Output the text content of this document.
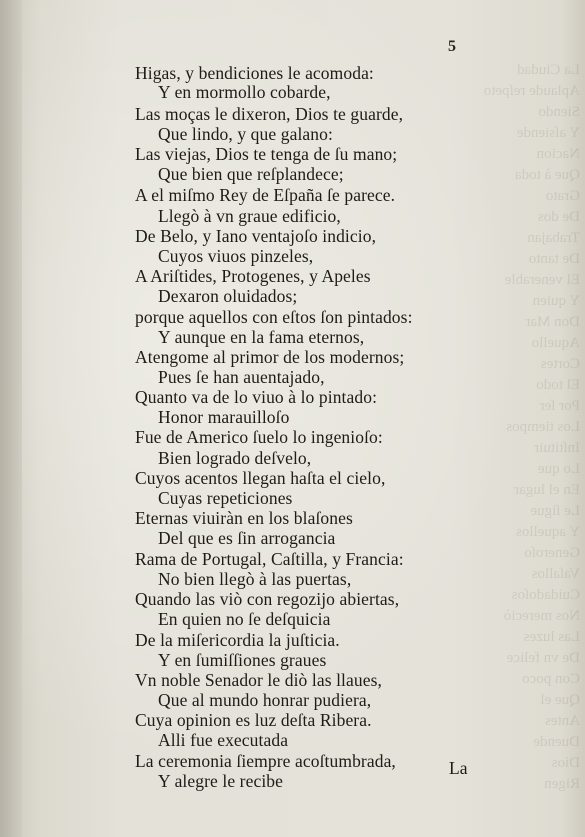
La Ciudad
Aplaude reſpeto
Siendo
Y aſsiende
Nacion
Que à toda
Grato
De dos
Trabajan
De tanto
El venerable
Y quien
Don Mar
Aquello
Cortes
El todo
Por ſer
Los tiempos
Inſtituir
Lo que
En el lugar
Le ſigue
Y aquellos
Generoſo
Vaſallos
Cuidadoſos
Nos mereciò
Las luzes
De vn felice
Con poco
Que el
Antes
Duende
Dios
Rigen
5
Higas, y bendiciones le acomoda:
Y en mormollo cobarde,
Las moças le dixeron, Dios te guarde,
Que lindo, y que galano:
Las viejas, Dios te tenga de ſu mano;
Que bien que reſplandece;
A el miſmo Rey de Eſpaña ſe parece.
Llegò à vn graue edificio,
De Belo, y Iano ventajoſo indicio,
Cuyos viuos pinzeles,
A Ariſtides, Protogenes, y Apeles
Dexaron oluidados;
porque aquellos con eſtos ſon pintados:
Y aunque en la fama eternos,
Atengome al primor de los modernos;
Pues ſe han auentajado,
Quanto va de lo viuo à lo pintado:
Honor marauilloſo
Fue de Americo ſuelo lo ingenioſo:
Bien logrado deſvelo,
Cuyos acentos llegan haſta el cielo,
Cuyas repeticiones
Eternas viuiràn en los blaſones
Del que es ſin arrogancia
Rama de Portugal, Caſtilla, y Francia:
No bien llegò à las puertas,
Quando las viò con regozijo abiertas,
En quien no ſe deſquicia
De la miſericordia la juſticia.
Y en ſumiſſiones graues
Vn noble Senador le diò las llaues,
Que al mundo honrar pudiera,
Cuya opinion es luz deſta Ribera.
Alli fue executada
La ceremonia ſiempre acoſtumbrada,
Y alegre le recibe
La
